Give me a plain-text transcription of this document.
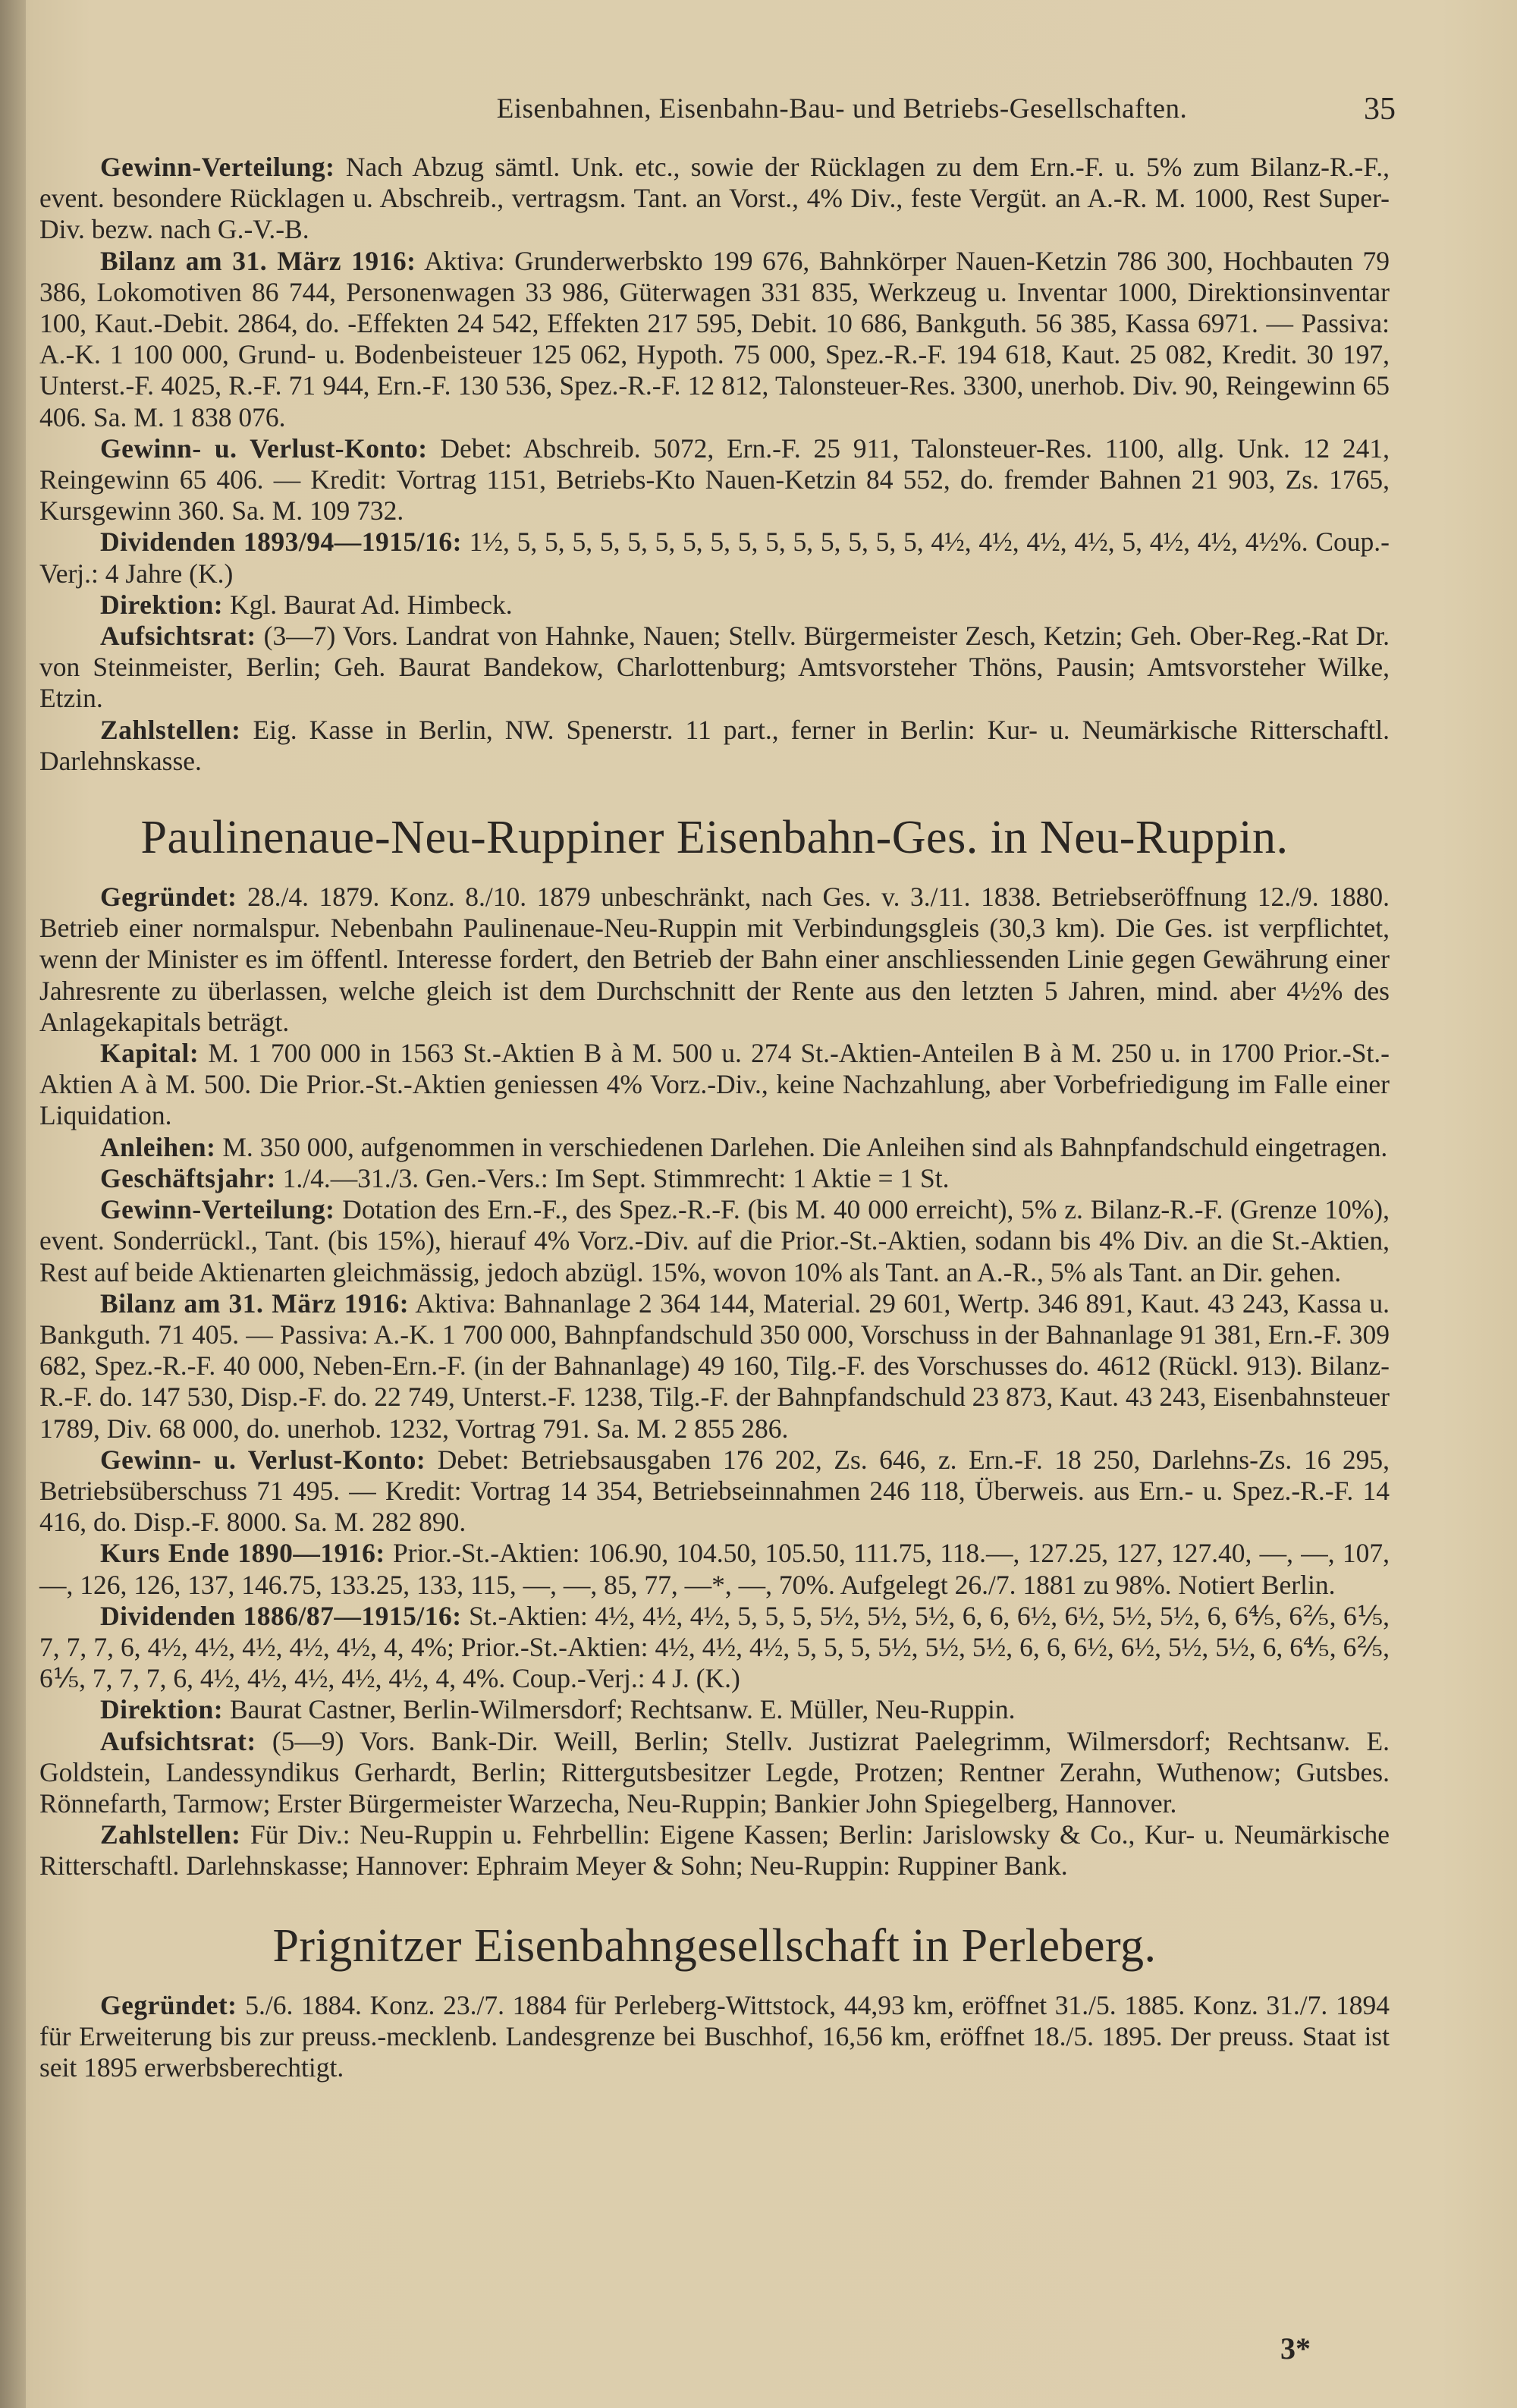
Eisenbahnen, Eisenbahn-Bau- und Betriebs-Gesellschaften.	35

Gewinn-Verteilung: Nach Abzug sämtl. Unk. etc., sowie der Rücklagen zu dem Ern.-F. u. 5% zum Bilanz-R.-F., event. besondere Rücklagen u. Abschreib., vertragsm. Tant. an Vorst., 4% Div., feste Vergüt. an A.-R. M. 1000, Rest Super-Div. bezw. nach G.-V.-B.

Bilanz am 31. März 1916: Aktiva: Grunderwerbskto 199 676, Bahnkörper Nauen-Ketzin 786 300, Hochbauten 79 386, Lokomotiven 86 744, Personenwagen 33 986, Güterwagen 331 835, Werkzeug u. Inventar 1000, Direktionsinventar 100, Kaut.-Debit. 2864, do. -Effekten 24 542, Effekten 217 595, Debit. 10 686, Bankguth. 56 385, Kassa 6971. — Passiva: A.-K. 1 100 000, Grund- u. Bodenbeisteuer 125 062, Hypoth. 75 000, Spez.-R.-F. 194 618, Kaut. 25 082, Kredit. 30 197, Unterst.-F. 4025, R.-F. 71 944, Ern.-F. 130 536, Spez.-R.-F. 12 812, Talonsteuer-Res. 3300, unerhob. Div. 90, Reingewinn 65 406. Sa. M. 1 838 076.

Gewinn- u. Verlust-Konto: Debet: Abschreib. 5072, Ern.-F. 25 911, Talonsteuer-Res. 1100, allg. Unk. 12 241, Reingewinn 65 406. — Kredit: Vortrag 1151, Betriebs-Kto Nauen-Ketzin 84 552, do. fremder Bahnen 21 903, Zs. 1765, Kursgewinn 360. Sa. M. 109 732.

Dividenden 1893/94—1915/16: 1½, 5, 5, 5, 5, 5, 5, 5, 5, 5, 5, 5, 5, 5, 5, 5, 4½, 4½, 4½, 4½, 5, 4½, 4½, 4½%. Coup.-Verj.: 4 Jahre (K.)

Direktion: Kgl. Baurat Ad. Himbeck.

Aufsichtsrat: (3—7) Vors. Landrat von Hahnke, Nauen; Stellv. Bürgermeister Zesch, Ketzin; Geh. Ober-Reg.-Rat Dr. von Steinmeister, Berlin; Geh. Baurat Bandekow, Charlottenburg; Amtsvorsteher Thöns, Pausin; Amtsvorsteher Wilke, Etzin.

Zahlstellen: Eig. Kasse in Berlin, NW. Spenerstr. 11 part., ferner in Berlin: Kur- u. Neumärkische Ritterschaftl. Darlehnskasse.

Paulinenaue-Neu-Ruppiner Eisenbahn-Ges. in Neu-Ruppin.

Gegründet: 28./4. 1879. Konz. 8./10. 1879 unbeschränkt, nach Ges. v. 3./11. 1838. Betriebseröffnung 12./9. 1880. Betrieb einer normalspur. Nebenbahn Paulinenaue-Neu-Ruppin mit Verbindungsgleis (30,3 km). Die Ges. ist verpflichtet, wenn der Minister es im öffentl. Interesse fordert, den Betrieb der Bahn einer anschliessenden Linie gegen Gewährung einer Jahresrente zu überlassen, welche gleich ist dem Durchschnitt der Rente aus den letzten 5 Jahren, mind. aber 4½% des Anlagekapitals beträgt.

Kapital: M. 1 700 000 in 1563 St.-Aktien B à M. 500 u. 274 St.-Aktien-Anteilen B à M. 250 u. in 1700 Prior.-St.-Aktien A à M. 500. Die Prior.-St.-Aktien geniessen 4% Vorz.-Div., keine Nachzahlung, aber Vorbefriedigung im Falle einer Liquidation.

Anleihen: M. 350 000, aufgenommen in verschiedenen Darlehen. Die Anleihen sind als Bahnpfandschuld eingetragen.

Geschäftsjahr: 1./4.—31./3. Gen.-Vers.: Im Sept. Stimmrecht: 1 Aktie = 1 St.

Gewinn-Verteilung: Dotation des Ern.-F., des Spez.-R.-F. (bis M. 40 000 erreicht), 5% z. Bilanz-R.-F. (Grenze 10%), event. Sonderrückl., Tant. (bis 15%), hierauf 4% Vorz.-Div. auf die Prior.-St.-Aktien, sodann bis 4% Div. an die St.-Aktien, Rest auf beide Aktienarten gleichmässig, jedoch abzügl. 15%, wovon 10% als Tant. an A.-R., 5% als Tant. an Dir. gehen.

Bilanz am 31. März 1916: Aktiva: Bahnanlage 2 364 144, Material. 29 601, Wertp. 346 891, Kaut. 43 243, Kassa u. Bankguth. 71 405. — Passiva: A.-K. 1 700 000, Bahnpfandschuld 350 000, Vorschuss in der Bahnanlage 91 381, Ern.-F. 309 682, Spez.-R.-F. 40 000, Neben-Ern.-F. (in der Bahnanlage) 49 160, Tilg.-F. des Vorschusses do. 4612 (Rückl. 913). Bilanz-R.-F. do. 147 530, Disp.-F. do. 22 749, Unterst.-F. 1238, Tilg.-F. der Bahnpfandschuld 23 873, Kaut. 43 243, Eisenbahnsteuer 1789, Div. 68 000, do. unerhob. 1232, Vortrag 791. Sa. M. 2 855 286.

Gewinn- u. Verlust-Konto: Debet: Betriebsausgaben 176 202, Zs. 646, z. Ern.-F. 18 250, Darlehns-Zs. 16 295, Betriebsüberschuss 71 495. — Kredit: Vortrag 14 354, Betriebseinnahmen 246 118, Überweis. aus Ern.- u. Spez.-R.-F. 14 416, do. Disp.-F. 8000. Sa. M. 282 890.

Kurs Ende 1890—1916: Prior.-St.-Aktien: 106.90, 104.50, 105.50, 111.75, 118.—, 127.25, 127, 127.40, —, —, 107, —, 126, 126, 137, 146.75, 133.25, 133, 115, —, —, 85, 77, —*, —, 70%. Aufgelegt 26./7. 1881 zu 98%. Notiert Berlin.

Dividenden 1886/87—1915/16: St.-Aktien: 4½, 4½, 4½, 5, 5, 5, 5½, 5½, 5½, 6, 6, 6½, 6½, 5½, 5½, 6, 6⅘, 6⅖, 6⅕, 7, 7, 7, 6, 4½, 4½, 4½, 4½, 4½, 4, 4%; Prior.-St.-Aktien: 4½, 4½, 4½, 5, 5, 5, 5½, 5½, 5½, 6, 6, 6½, 6½, 5½, 5½, 6, 6⅘, 6⅖, 6⅕, 7, 7, 7, 6, 4½, 4½, 4½, 4½, 4½, 4, 4%. Coup.-Verj.: 4 J. (K.)

Direktion: Baurat Castner, Berlin-Wilmersdorf; Rechtsanw. E. Müller, Neu-Ruppin.

Aufsichtsrat: (5—9) Vors. Bank-Dir. Weill, Berlin; Stellv. Justizrat Paelegrimm, Wilmersdorf; Rechtsanw. E. Goldstein, Landessyndikus Gerhardt, Berlin; Rittergutsbesitzer Legde, Protzen; Rentner Zerahn, Wuthenow; Gutsbes. Rönnefarth, Tarmow; Erster Bürgermeister Warzecha, Neu-Ruppin; Bankier John Spiegelberg, Hannover.

Zahlstellen: Für Div.: Neu-Ruppin u. Fehrbellin: Eigene Kassen; Berlin: Jarislowsky & Co., Kur- u. Neumärkische Ritterschaftl. Darlehnskasse; Hannover: Ephraim Meyer & Sohn; Neu-Ruppin: Ruppiner Bank.

Prignitzer Eisenbahngesellschaft in Perleberg.

Gegründet: 5./6. 1884. Konz. 23./7. 1884 für Perleberg-Wittstock, 44,93 km, eröffnet 31./5. 1885. Konz. 31./7. 1894 für Erweiterung bis zur preuss.-mecklenb. Landesgrenze bei Buschhof, 16,56 km, eröffnet 18./5. 1895. Der preuss. Staat ist seit 1895 erwerbsberechtigt.

3*
